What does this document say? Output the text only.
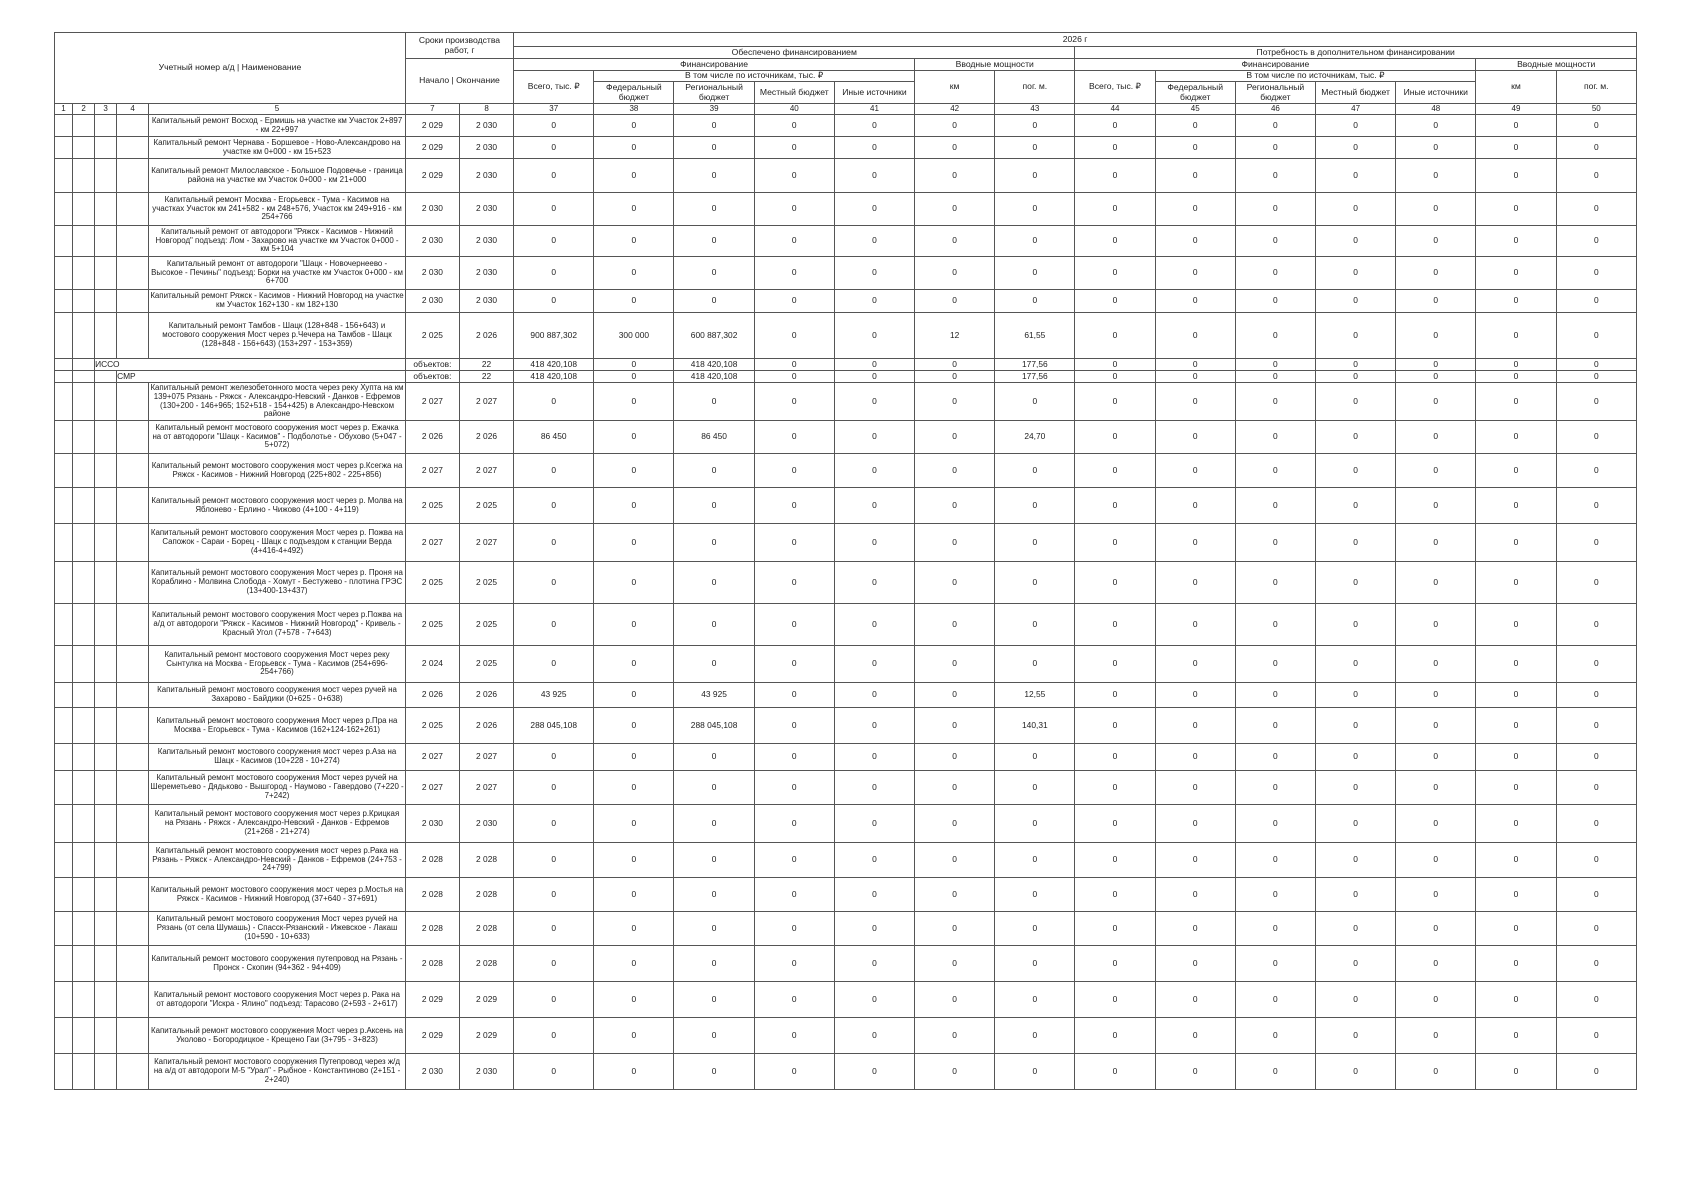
Учетный номер а/д | Наименование					Сроки производства работ, г		2026 г													
							Обеспечено финансированием							Потребность в дополнительном финансировании						
					Начало | Окончание		Финансирование					Вводные мощности		Финансирование					Вводные мощности	
							Всего, тыс. ₽	В том числе по источникам, тыс. ₽				км	пог. м.	Всего, тыс. ₽	В том числе по источникам, тыс. ₽				км	пог. м.
								Федеральный бюджет	Региональный бюджет	Местный бюджет	Иные источники				Федеральный бюджет	Региональный бюджет	Местный бюджет	Иные источники		
1	2	3	4	5	7	8	37	38	39	40	41	42	43	44	45	46	47	48	49	50
				Капитальный ремонт Восход - Ермишь на участке км Участок 2+897 - км 22+997	2 029	2 030	0	0	0	0	0	0	0	0	0	0	0	0	0	0
				Капитальный ремонт Чернава - Боршевое - Ново-Александрово на участке км 0+000 - км 15+523	2 029	2 030	0	0	0	0	0	0	0	0	0	0	0	0	0	0
				Капитальный ремонт Милославское - Большое Подовечье - граница района на участке км Участок 0+000 - км 21+000	2 029	2 030	0	0	0	0	0	0	0	0	0	0	0	0	0	0
				Капитальный ремонт Москва - Егорьевск - Тума - Касимов на участках Участок км 241+582 - км 248+576, Участок км 249+916 - км 254+766	2 030	2 030	0	0	0	0	0	0	0	0	0	0	0	0	0	0
				Капитальный ремонт от автодороги "Ряжск - Касимов - Нижний Новгород" подъезд: Лом - Захарово на участке км Участок 0+000 - км 5+104	2 030	2 030	0	0	0	0	0	0	0	0	0	0	0	0	0	0
				Капитальный ремонт от автодороги "Шацк - Новочернеево - Высокое - Печины" подъезд: Борки на участке км Участок 0+000 - км 6+700	2 030	2 030	0	0	0	0	0	0	0	0	0	0	0	0	0	0
				Капитальный ремонт Ряжск - Касимов - Нижний Новгород на участке км Участок 162+130 - км 182+130	2 030	2 030	0	0	0	0	0	0	0	0	0	0	0	0	0	0
				Капитальный ремонт Тамбов - Шацк (128+848 - 156+643) и мостового сооружения Мост через р.Чечера на Тамбов - Шацк (128+848 - 156+643) (153+297 - 153+359)	2 025	2 026	900 887,302	300 000	600 887,302	0	0	12	61,55	0	0	0	0	0	0	0
		ИССО			объектов:	22	418 420,108	0	418 420,108	0	0	0	177,56	0	0	0	0	0	0	0
			СМР		объектов:	22	418 420,108	0	418 420,108	0	0	0	177,56	0	0	0	0	0	0	0
				Капитальный ремонт железобетонного моста через реку Хупта на км 139+075 Рязань - Ряжск - Александро-Невский - Данков - Ефремов (130+200 - 146+965; 152+518 - 154+425) в Александро-Невском районе	2 027	2 027	0	0	0	0	0	0	0	0	0	0	0	0	0	0
				Капитальный ремонт мостового сооружения мост через р. Ежачка на от автодороги "Шацк - Касимов" - Подболотье - Обухово (5+047 - 5+072)	2 026	2 026	86 450	0	86 450	0	0	0	24,70	0	0	0	0	0	0	0
				Капитальный ремонт мостового сооружения мост через р.Ксегжа на Ряжск - Касимов - Нижний Новгород (225+802 - 225+856)	2 027	2 027	0	0	0	0	0	0	0	0	0	0	0	0	0	0
				Капитальный ремонт мостового сооружения мост через р. Молва на Яблонево - Ерлино - Чижово (4+100 - 4+119)	2 025	2 025	0	0	0	0	0	0	0	0	0	0	0	0	0	0
				Капитальный ремонт мостового сооружения Мост через р. Пожва на Сапожок - Сараи - Борец - Шацк с подъездом к станции Верда (4+416-4+492)	2 027	2 027	0	0	0	0	0	0	0	0	0	0	0	0	0	0
				Капитальный ремонт мостового сооружения Мост через р. Проня на Кораблино - Молвина Слобода - Хомут - Бестужево - плотина ГРЭС (13+400-13+437)	2 025	2 025	0	0	0	0	0	0	0	0	0	0	0	0	0	0
				Капитальный ремонт мостового сооружения Мост через р.Пожва на а/д от автодороги "Ряжск - Касимов - Нижний Новгород" - Кривель - Красный Угол (7+578 - 7+643)	2 025	2 025	0	0	0	0	0	0	0	0	0	0	0	0	0	0
				Капитальный ремонт мостового сооружения Мост через реку Сынтулка на Москва - Егорьевск - Тума - Касимов (254+696-254+766)	2 024	2 025	0	0	0	0	0	0	0	0	0	0	0	0	0	0
				Капитальный ремонт мостового сооружения мост через ручей на Захарово - Байдики (0+625 - 0+638)	2 026	2 026	43 925	0	43 925	0	0	0	12,55	0	0	0	0	0	0	0
				Капитальный ремонт мостового сооружения Мост через р.Пра на Москва - Егорьевск - Тума - Касимов (162+124-162+261)	2 025	2 026	288 045,108	0	288 045,108	0	0	0	140,31	0	0	0	0	0	0	0
				Капитальный ремонт мостового сооружения мост через р.Аза на Шацк - Касимов (10+228 - 10+274)	2 027	2 027	0	0	0	0	0	0	0	0	0	0	0	0	0	0
				Капитальный ремонт мостового сооружения Мост через ручей на Шереметьево - Дядьково - Вышгород - Наумово - Гавердово (7+220 - 7+242)	2 027	2 027	0	0	0	0	0	0	0	0	0	0	0	0	0	0
				Капитальный ремонт мостового сооружения мост через р.Крицкая на Рязань - Ряжск - Александро-Невский - Данков - Ефремов (21+268 - 21+274)	2 030	2 030	0	0	0	0	0	0	0	0	0	0	0	0	0	0
				Капитальный ремонт мостового сооружения мост через р.Рака на Рязань - Ряжск - Александро-Невский - Данков - Ефремов (24+753 - 24+799)	2 028	2 028	0	0	0	0	0	0	0	0	0	0	0	0	0	0
				Капитальный ремонт мостового сооружения мост через р.Мостья на Ряжск - Касимов - Нижний Новгород (37+640 - 37+691)	2 028	2 028	0	0	0	0	0	0	0	0	0	0	0	0	0	0
				Капитальный ремонт мостового сооружения Мост через ручей на Рязань (от села Шумашь) - Спасск-Рязанский - Ижевское - Лакаш (10+590 - 10+633)	2 028	2 028	0	0	0	0	0	0	0	0	0	0	0	0	0	0
				Капитальный ремонт мостового сооружения путепровод на Рязань - Пронск - Скопин (94+362 - 94+409)	2 028	2 028	0	0	0	0	0	0	0	0	0	0	0	0	0	0
				Капитальный ремонт мостового сооружения Мост через р. Рака на от автодороги "Искра - Ялино" подъезд: Тарасово (2+593 - 2+617)	2 029	2 029	0	0	0	0	0	0	0	0	0	0	0	0	0	0
				Капитальный ремонт мостового сооружения Мост через р.Аксень на Уколово - Богородицкое - Крещено Гаи (3+795 - 3+823)	2 029	2 029	0	0	0	0	0	0	0	0	0	0	0	0	0	0
				Капитальный ремонт мостового сооружения Путепровод через ж/д на а/д от автодороги М-5 "Урал" - Рыбное - Константиново (2+151 - 2+240)	2 030	2 030	0	0	0	0	0	0	0	0	0	0	0	0	0	0
